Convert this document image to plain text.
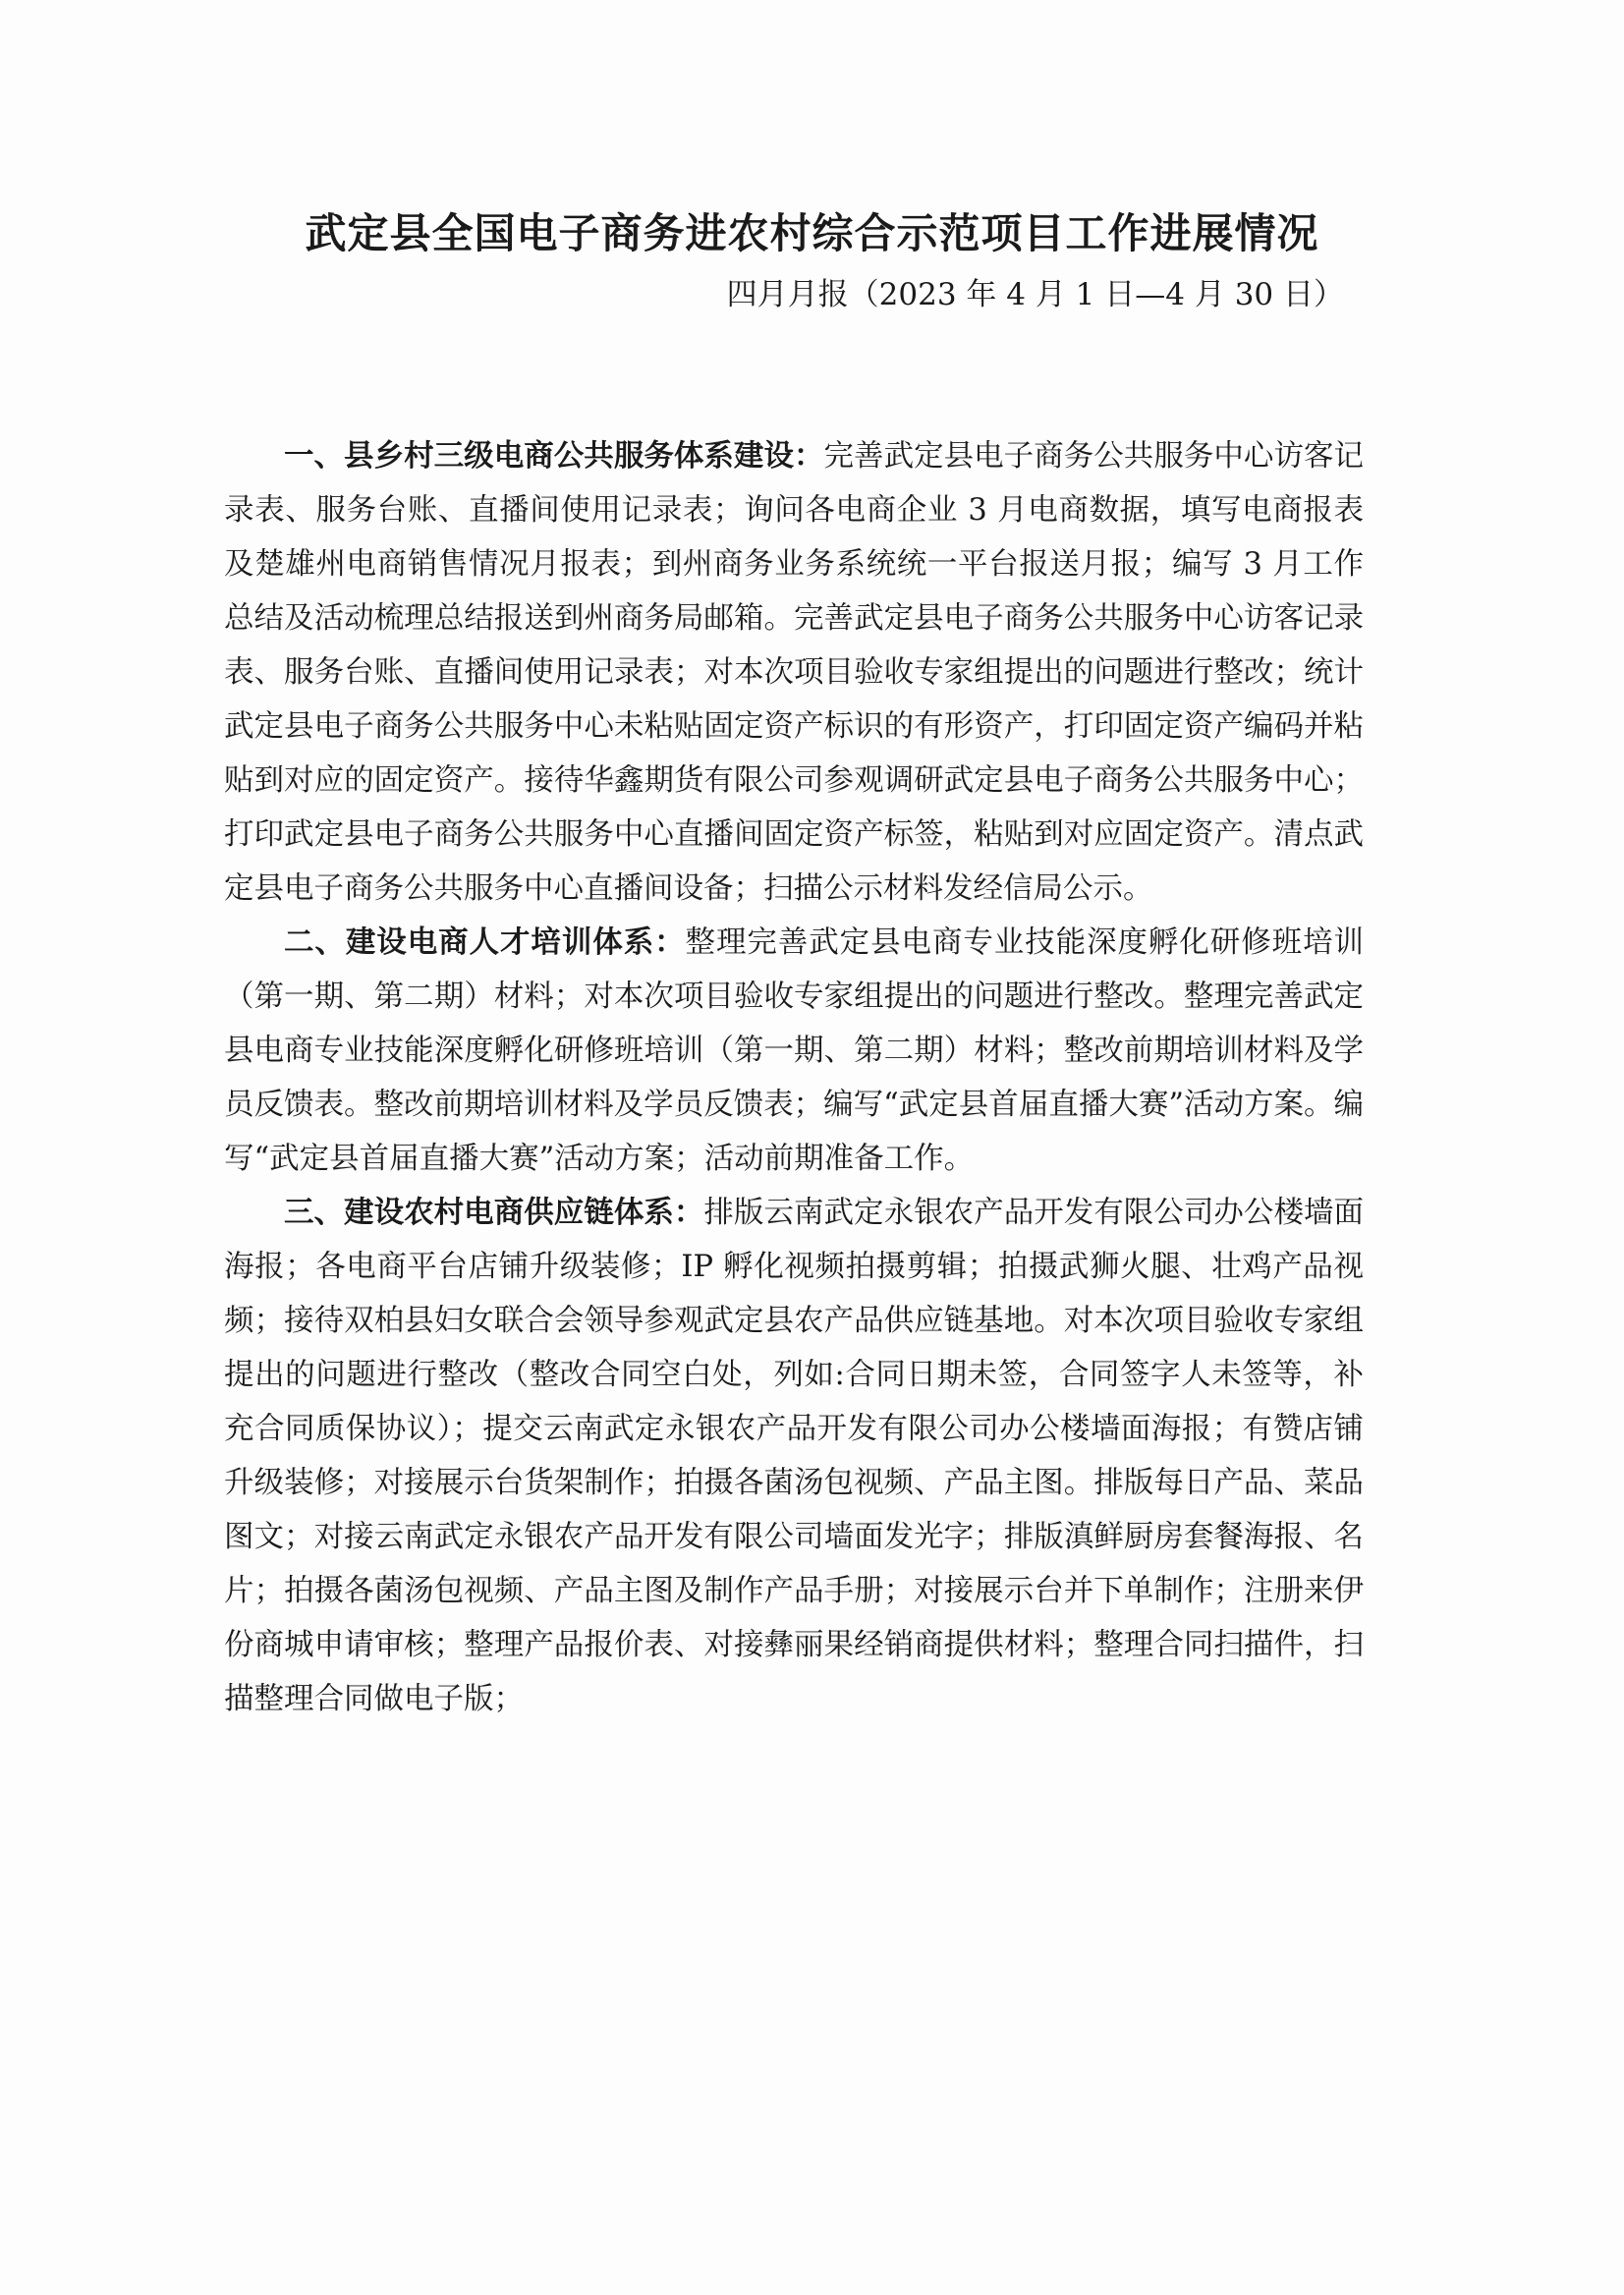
武定县全国电子商务进农村综合示范项目工作进展情况
四月月报（2023 年 4 月 1 日—4 月 30 日）

一、县乡村三级电商公共服务体系建设：完善武定县电子商务公共服务中心访客记录表、服务台账、直播间使用记录表；询问各电商企业 3 月电商数据，填写电商报表及楚雄州电商销售情况月报表；到州商务业务系统统一平台报送月报；编写 3 月工作总结及活动梳理总结报送到州商务局邮箱。完善武定县电子商务公共服务中心访客记录表、服务台账、直播间使用记录表；对本次项目验收专家组提出的问题进行整改；统计武定县电子商务公共服务中心未粘贴固定资产标识的有形资产，打印固定资产编码并粘贴到对应的固定资产。接待华鑫期货有限公司参观调研武定县电子商务公共服务中心；打印武定县电子商务公共服务中心直播间固定资产标签，粘贴到对应固定资产。清点武定县电子商务公共服务中心直播间设备；扫描公示材料发经信局公示。

二、建设电商人才培训体系：整理完善武定县电商专业技能深度孵化研修班培训（第一期、第二期）材料；对本次项目验收专家组提出的问题进行整改。整理完善武定县电商专业技能深度孵化研修班培训（第一期、第二期）材料；整改前期培训材料及学员反馈表。整改前期培训材料及学员反馈表；编写“武定县首届直播大赛”活动方案。编写“武定县首届直播大赛”活动方案；活动前期准备工作。

三、建设农村电商供应链体系：排版云南武定永银农产品开发有限公司办公楼墙面海报；各电商平台店铺升级装修；IP 孵化视频拍摄剪辑；拍摄武狮火腿、壮鸡产品视频；接待双柏县妇女联合会领导参观武定县农产品供应链基地。对本次项目验收专家组提出的问题进行整改（整改合同空白处，列如:合同日期未签，合同签字人未签等，补充合同质保协议）；提交云南武定永银农产品开发有限公司办公楼墙面海报；有赞店铺升级装修；对接展示台货架制作；拍摄各菌汤包视频、产品主图。排版每日产品、菜品图文；对接云南武定永银农产品开发有限公司墙面发光字；排版滇鲜厨房套餐海报、名片；拍摄各菌汤包视频、产品主图及制作产品手册；对接展示台并下单制作；注册来伊份商城申请审核；整理产品报价表、对接彝丽果经销商提供材料；整理合同扫描件，扫描整理合同做电子版；
